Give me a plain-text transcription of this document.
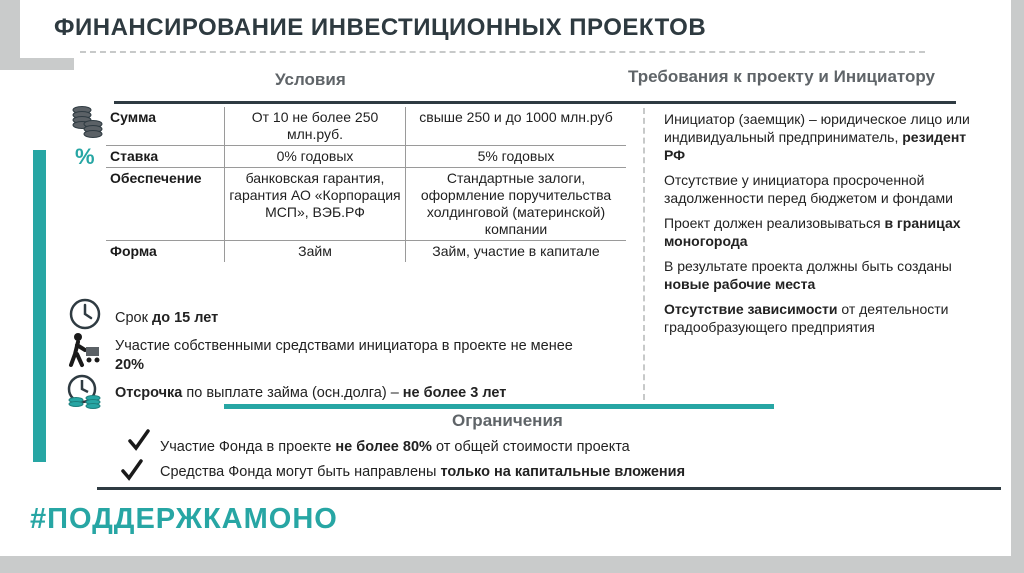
ФИНАНСИРОВАНИЕ ИНВЕСТИЦИОННЫХ ПРОЕКТОВ
Условия	Требования к проекту и Инициатору
%
Сумма	От 10 не более 250 млн.руб.	свыше 250 и до 1000 млн.руб
Ставка	0% годовых	5% годовых
Обеспечение	банковская гарантия, гарантия АО «Корпорация МСП», ВЭБ.РФ	Стандартные залоги, оформление поручительства холдинговой (материнской) компании
Форма	Займ	Займ, участие в капитале

Инициатор (заемщик) – юридическое лицо или индивидуальный предприниматель, резидент РФ

Отсутствие у инициатора просроченной задолженности перед бюджетом и фондами

Проект должен реализовываться в границах моногорода

В результате проекта должны быть созданы новые рабочие места

Отсутствие зависимости от деятельности градообразующего предприятия

Срок до 15 лет
Участие собственными средствами инициатора в проекте не менее 20%
Отсрочка по выплате займа (осн.долга) – не более 3 лет
Ограничения
Участие Фонда в проекте не более 80% от общей стоимости проекта
Средства Фонда могут быть направлены только на капитальные вложения
#ПОДДЕРЖКАМОНО
